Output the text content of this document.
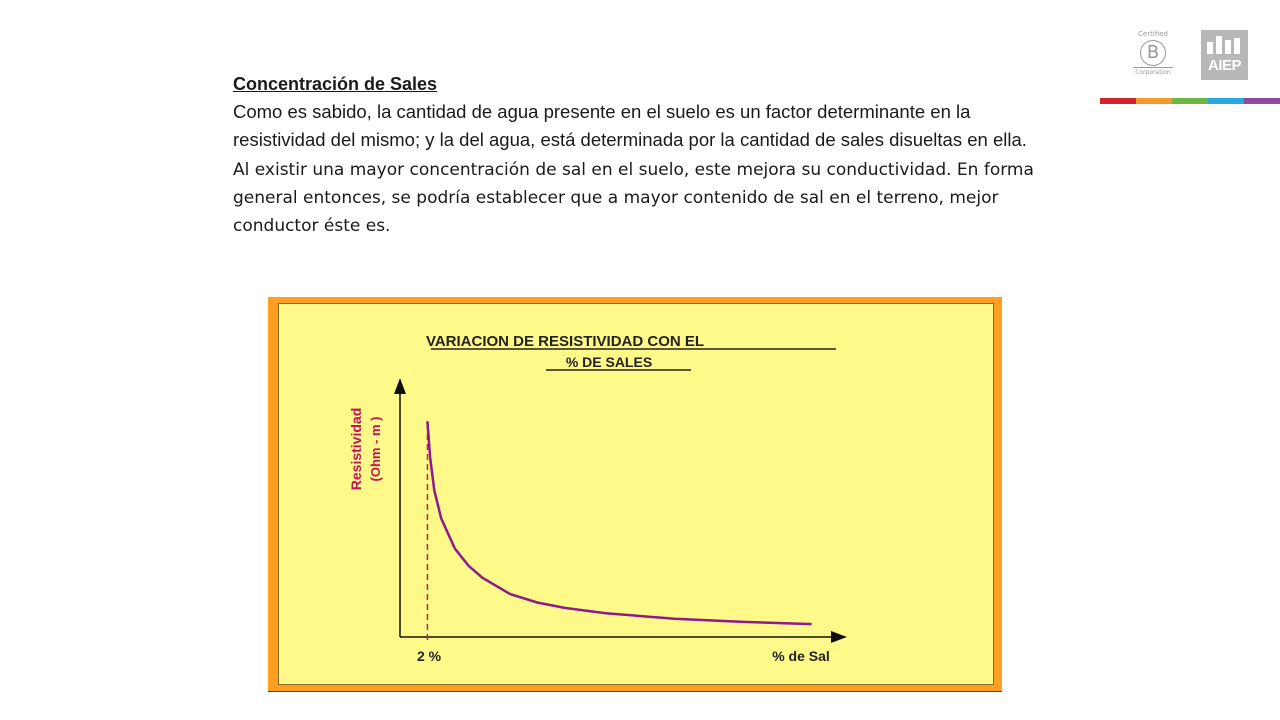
Certified
B
Corporation	AIEP
Concentración de Sales
Como es sabido, la cantidad de agua presente en el suelo es un factor determinante en la resistividad del mismo; y la del agua, está determinada por la cantidad de sales disueltas en ella.
Al existir una mayor concentración de sal en el suelo, este mejora su conductividad. En forma general entonces, se podría establecer que a mayor contenido de sal en el terreno, mejor conductor éste es.
VARIACION DE RESISTIVIDAD CON EL
% DE SALES
Resistividad (Ohm - m )
2 %	% de Sal
